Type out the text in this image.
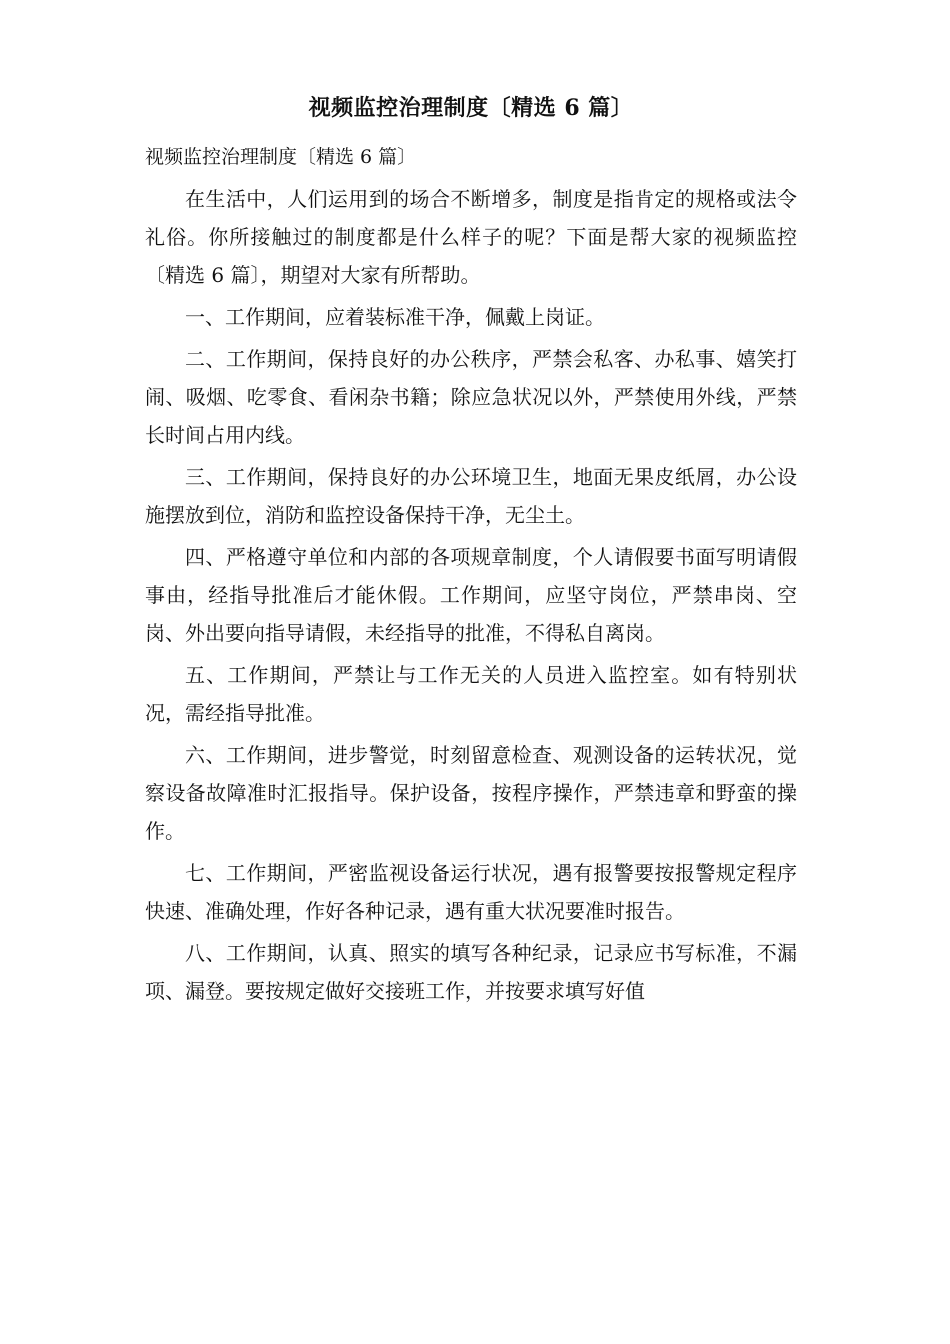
视频监控治理制度〔精选 6 篇〕

视频监控治理制度〔精选 6 篇〕

在生活中，人们运用到的场合不断增多，制度是指肯定的规格或法令礼俗。你所接触过的制度都是什么样子的呢？下面是帮大家的视频监控〔精选 6 篇〕，期望对大家有所帮助。

一、工作期间，应着装标准干净，佩戴上岗证。

二、工作期间，保持良好的办公秩序，严禁会私客、办私事、嬉笑打闹、吸烟、吃零食、看闲杂书籍；除应急状况以外，严禁使用外线，严禁长时间占用内线。

三、工作期间，保持良好的办公环境卫生，地面无果皮纸屑，办公设施摆放到位，消防和监控设备保持干净，无尘土。

四、严格遵守单位和内部的各项规章制度，个人请假要书面写明请假事由，经指导批准后才能休假。工作期间，应坚守岗位，严禁串岗、空岗、外出要向指导请假，未经指导的批准，不得私自离岗。

五、工作期间，严禁让与工作无关的人员进入监控室。如有特别状况，需经指导批准。

六、工作期间，进步警觉，时刻留意检查、观测设备的运转状况，觉察设备故障准时汇报指导。保护设备，按程序操作，严禁违章和野蛮的操作。

七、工作期间，严密监视设备运行状况，遇有报警要按报警规定程序快速、准确处理，作好各种记录，遇有重大状况要准时报告。

八、工作期间，认真、照实的填写各种纪录，记录应书写标准，不漏项、漏登。要按规定做好交接班工作，并按要求填写好值
